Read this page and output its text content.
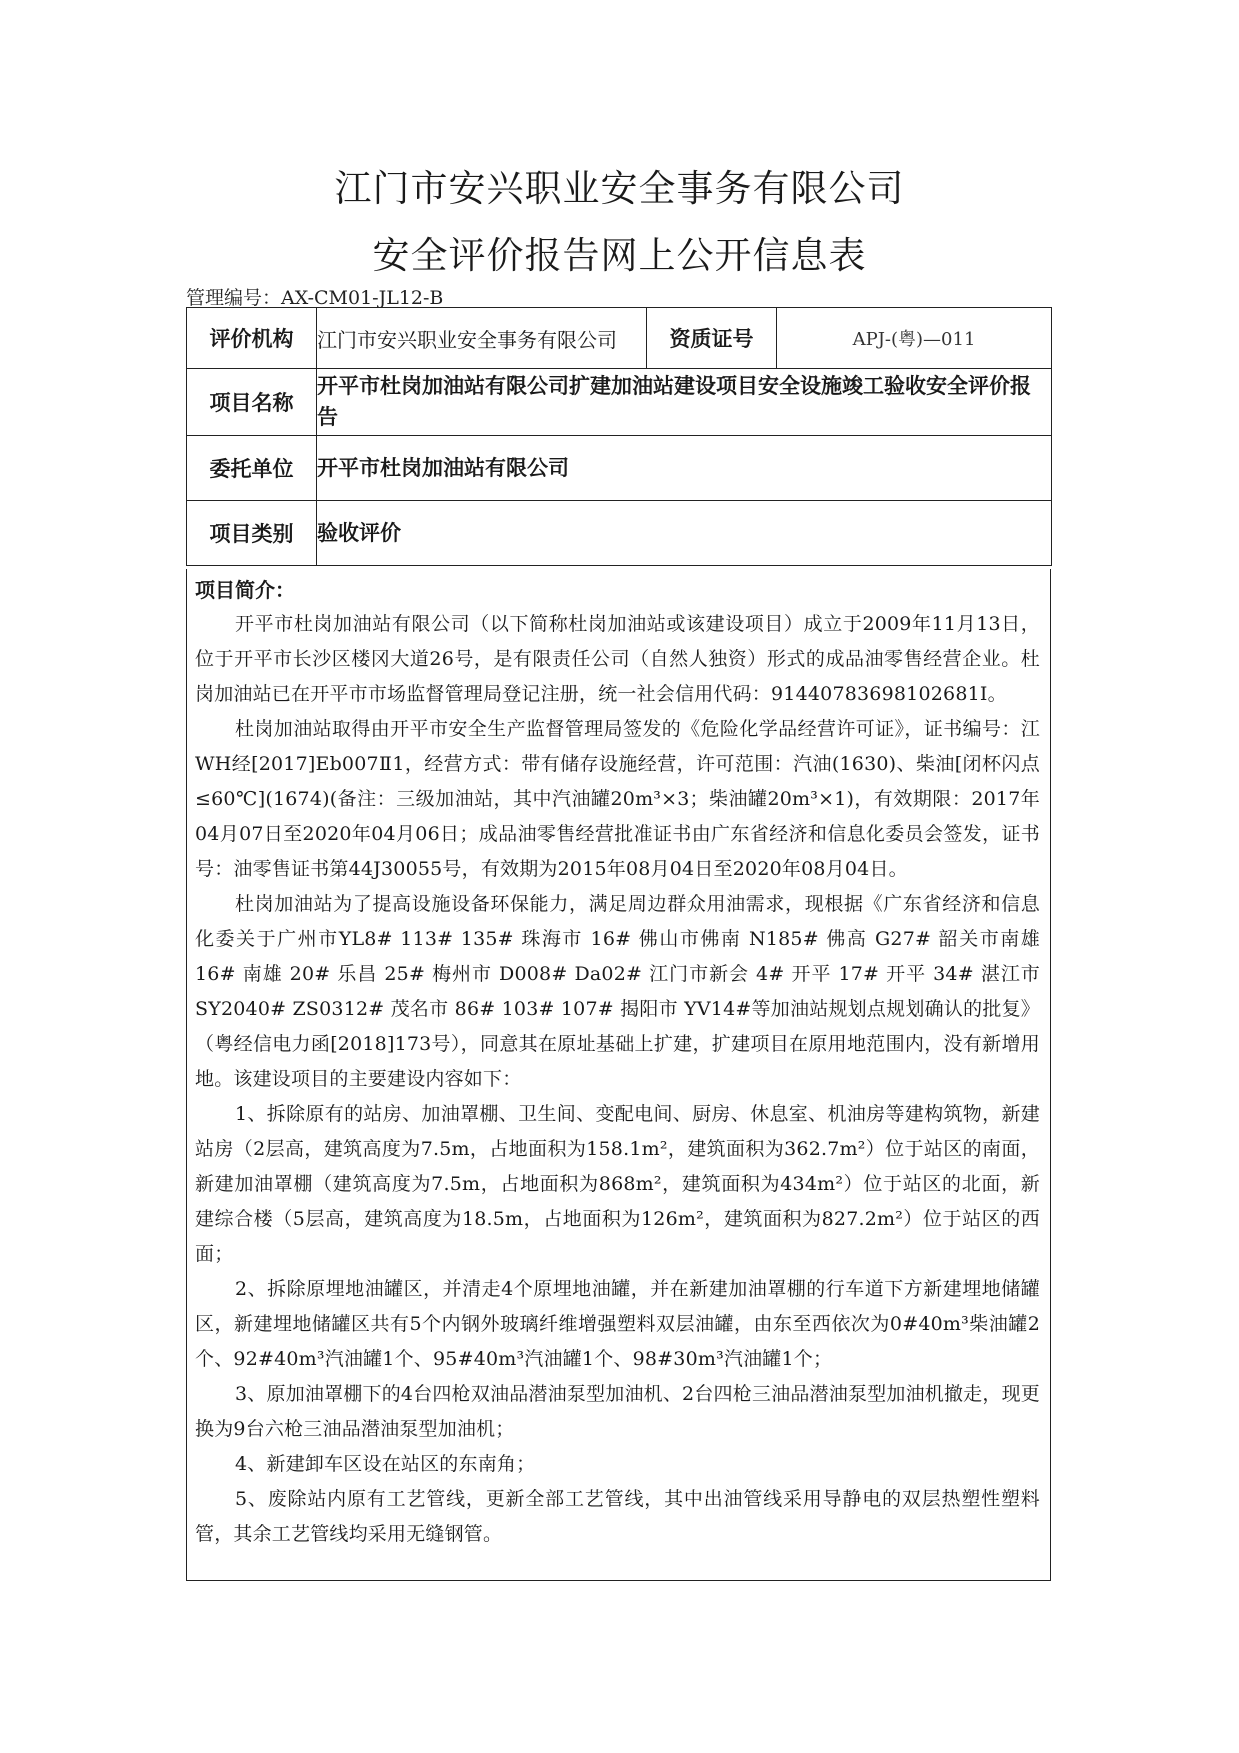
江门市安兴职业安全事务有限公司
安全评价报告网上公开信息表
管理编号：AX-CM01-JL12-B
评价机构	江门市安兴职业安全事务有限公司	资质证号	APJ-(粤)—011
项目名称	开平市杜岗加油站有限公司扩建加油站建设项目安全设施竣工验收安全评价报告		
委托单位	开平市杜岗加油站有限公司		
项目类别	验收评价		
项目简介：

开平市杜岗加油站有限公司（以下简称杜岗加油站或该建设项目）成立于2009年11月13日，位于开平市长沙区楼冈大道26号，是有限责任公司（自然人独资）形式的成品油零售经营企业。杜岗加油站已在开平市市场监督管理局登记注册，统一社会信用代码：91440783698102681I。

杜岗加油站取得由开平市安全生产监督管理局签发的《危险化学品经营许可证》，证书编号：江WH经[2017]Eb007Ⅱ1，经营方式：带有储存设施经营，许可范围：汽油(1630)、柴油[闭杯闪点≤60℃](1674)(备注：三级加油站，其中汽油罐20m³×3；柴油罐20m³×1)，有效期限：2017年04月07日至2020年04月06日；成品油零售经营批准证书由广东省经济和信息化委员会签发，证书号：油零售证书第44J30055号，有效期为2015年08月04日至2020年08月04日。

杜岗加油站为了提高设施设备环保能力，满足周边群众用油需求，现根据《广东省经济和信息化委关于广州市YL8# 113# 135# 珠海市 16# 佛山市佛南 N185# 佛高 G27# 韶关市南雄 16# 南雄 20# 乐昌 25# 梅州市 D008# Da02# 江门市新会 4# 开平 17# 开平 34# 湛江市SY2040# ZS0312# 茂名市 86# 103# 107# 揭阳市 YV14#等加油站规划点规划确认的批复》（粤经信电力函[2018]173号），同意其在原址基础上扩建，扩建项目在原用地范围内，没有新增用地。该建设项目的主要建设内容如下：

1、拆除原有的站房、加油罩棚、卫生间、变配电间、厨房、休息室、机油房等建构筑物，新建站房（2层高，建筑高度为7.5m，占地面积为158.1m²，建筑面积为362.7m²）位于站区的南面，新建加油罩棚（建筑高度为7.5m，占地面积为868m²，建筑面积为434m²）位于站区的北面，新建综合楼（5层高，建筑高度为18.5m，占地面积为126m²，建筑面积为827.2m²）位于站区的西面；

2、拆除原埋地油罐区，并清走4个原埋地油罐，并在新建加油罩棚的行车道下方新建埋地储罐区，新建埋地储罐区共有5个内钢外玻璃纤维增强塑料双层油罐，由东至西依次为0#40m³柴油罐2个、92#40m³汽油罐1个、95#40m³汽油罐1个、98#30m³汽油罐1个；

3、原加油罩棚下的4台四枪双油品潜油泵型加油机、2台四枪三油品潜油泵型加油机撤走，现更换为9台六枪三油品潜油泵型加油机；

4、新建卸车区设在站区的东南角；

5、废除站内原有工艺管线，更新全部工艺管线，其中出油管线采用导静电的双层热塑性塑料管，其余工艺管线均采用无缝钢管。
